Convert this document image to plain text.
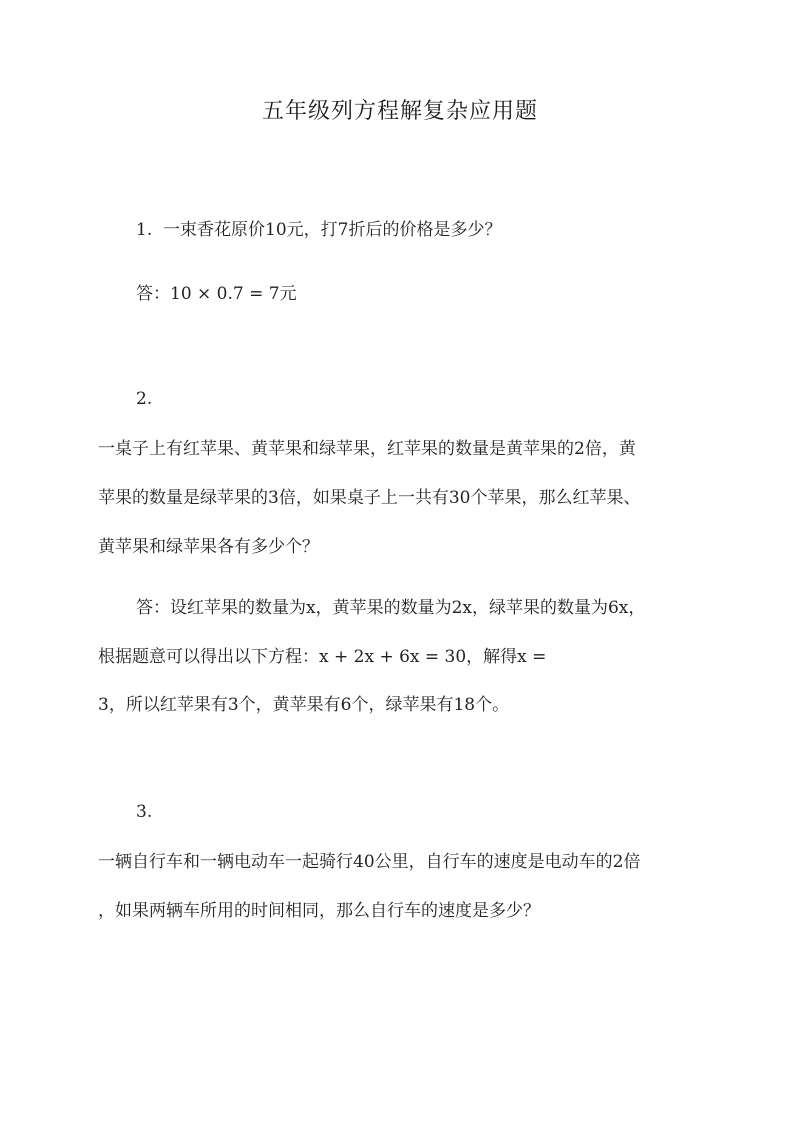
五年级列方程解复杂应用题
1. 一束香花原价10元，打7折后的价格是多少？
答：10 × 0.7 = 7元
2.
一桌子上有红苹果、黄苹果和绿苹果，红苹果的数量是黄苹果的2倍，黄
苹果的数量是绿苹果的3倍，如果桌子上一共有30个苹果，那么红苹果、
黄苹果和绿苹果各有多少个？
答：设红苹果的数量为x，黄苹果的数量为2x，绿苹果的数量为6x，
根据题意可以得出以下方程：x + 2x + 6x = 30，解得x =
3，所以红苹果有3个，黄苹果有6个，绿苹果有18个。
3.
一辆自行车和一辆电动车一起骑行40公里，自行车的速度是电动车的2倍
，如果两辆车所用的时间相同，那么自行车的速度是多少？
